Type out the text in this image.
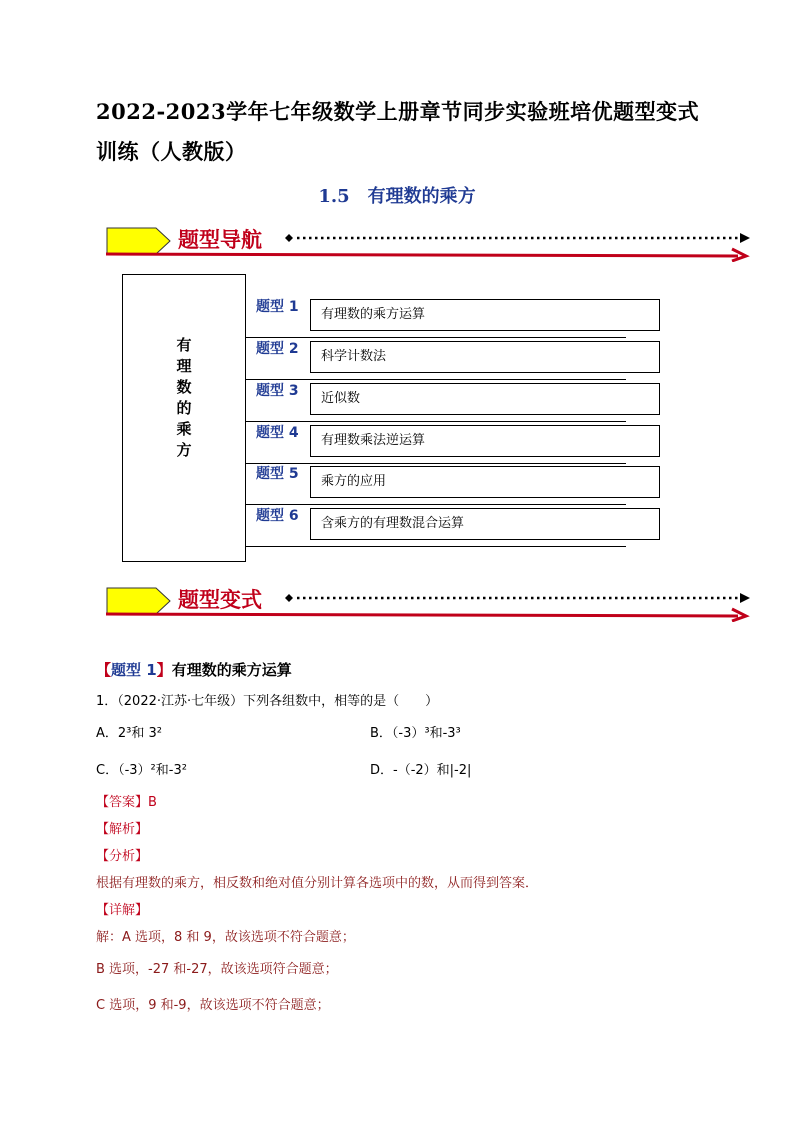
2022-2023学年七年级数学上册章节同步实验班培优题型变式训练（人教版）
1.5　有理数的乘方
题型导航
有
理
数
的
乘
方
题型 1	有理数的乘方运算
题型 2	科学计数法
题型 3	近似数
题型 4	有理数乘法逆运算
题型 5	乘方的应用
题型 6	含乘方的有理数混合运算
题型变式
【题型 1】有理数的乘方运算
1．（2022·江苏·七年级）下列各组数中，相等的是（　　）
A．2³和 3²	B．（-3）³和-3³
C．（-3）²和-3²	D．-（-2）和|-2|
【答案】B
【解析】
【分析】
根据有理数的乘方，相反数和绝对值分别计算各选项中的数，从而得到答案．
【详解】
解：A 选项，8 和 9，故该选项不符合题意；
B 选项，-27 和-27，故该选项符合题意；
C 选项，9 和-9，故该选项不符合题意；
